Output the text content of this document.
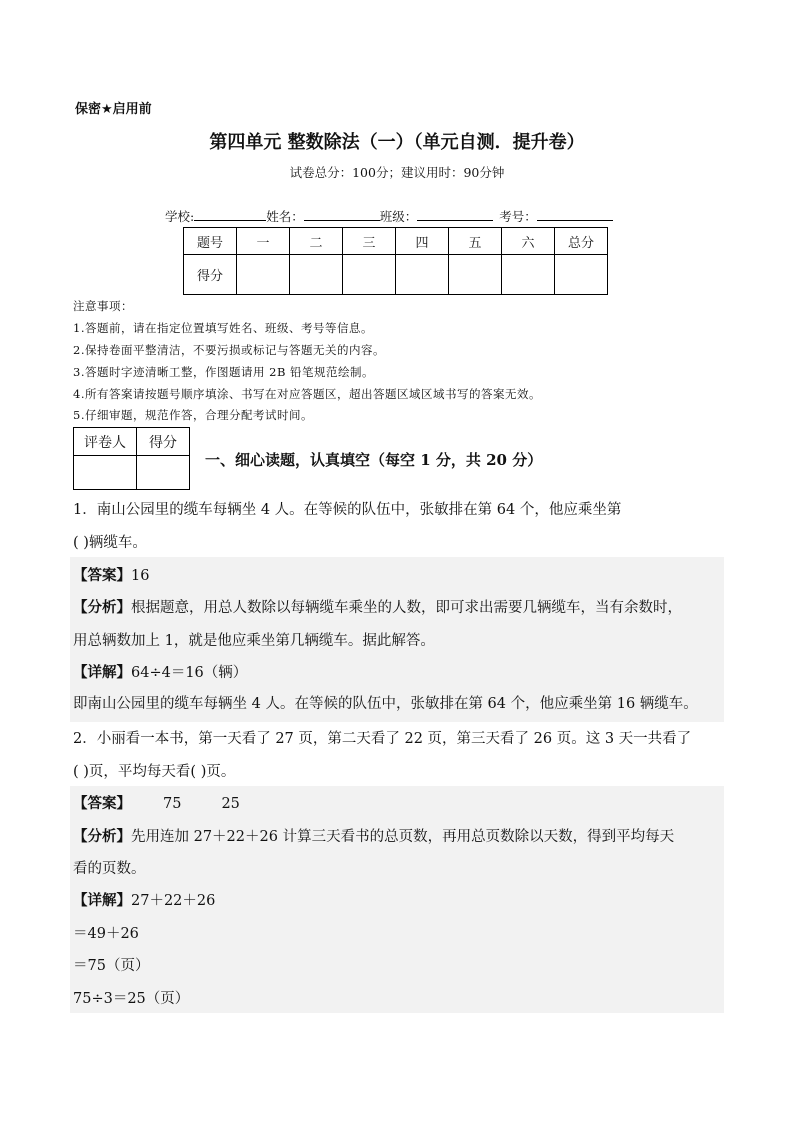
保密★启用前
第四单元 整数除法（一）（单元自测．提升卷）
试卷总分：100分；建议用时：90分钟
学校:	姓名：	班级：	考号：
题号	一	二	三	四	五	六	总分
得分							
注意事项：
1.答题前，请在指定位置填写姓名、班级、考号等信息。
2.保持卷面平整清洁，不要污损或标记与答题无关的内容。
3.答题时字迹清晰工整，作图题请用 2B 铅笔规范绘制。
4.所有答案请按题号顺序填涂、书写在对应答题区，超出答题区域区域书写的答案无效。
5.仔细审题，规范作答，合理分配考试时间。
评卷人	得分

一、细心读题，认真填空（每空 1 分，共 20 分）
1．南山公园里的缆车每辆坐 4 人。在等候的队伍中，张敏排在第 64 个，他应乘坐第
( )辆缆车。
【答案】16
【分析】根据题意，用总人数除以每辆缆车乘坐的人数，即可求出需要几辆缆车，当有余数时，
用总辆数加上 1，就是他应乘坐第几辆缆车。据此解答。
【详解】64÷4＝16（辆）
即南山公园里的缆车每辆坐 4 人。在等候的队伍中，张敏排在第 64 个，他应乘坐第 16 辆缆车。
2．小丽看一本书，第一天看了 27 页，第二天看了 22 页，第三天看了 26 页。这 3 天一共看了
( )页，平均每天看( )页。
【答案】 75	25
【分析】先用连加 27＋22＋26 计算三天看书的总页数，再用总页数除以天数，得到平均每天
看的页数。
【详解】27＋22＋26
＝49＋26
＝75（页）
75÷3＝25（页）
